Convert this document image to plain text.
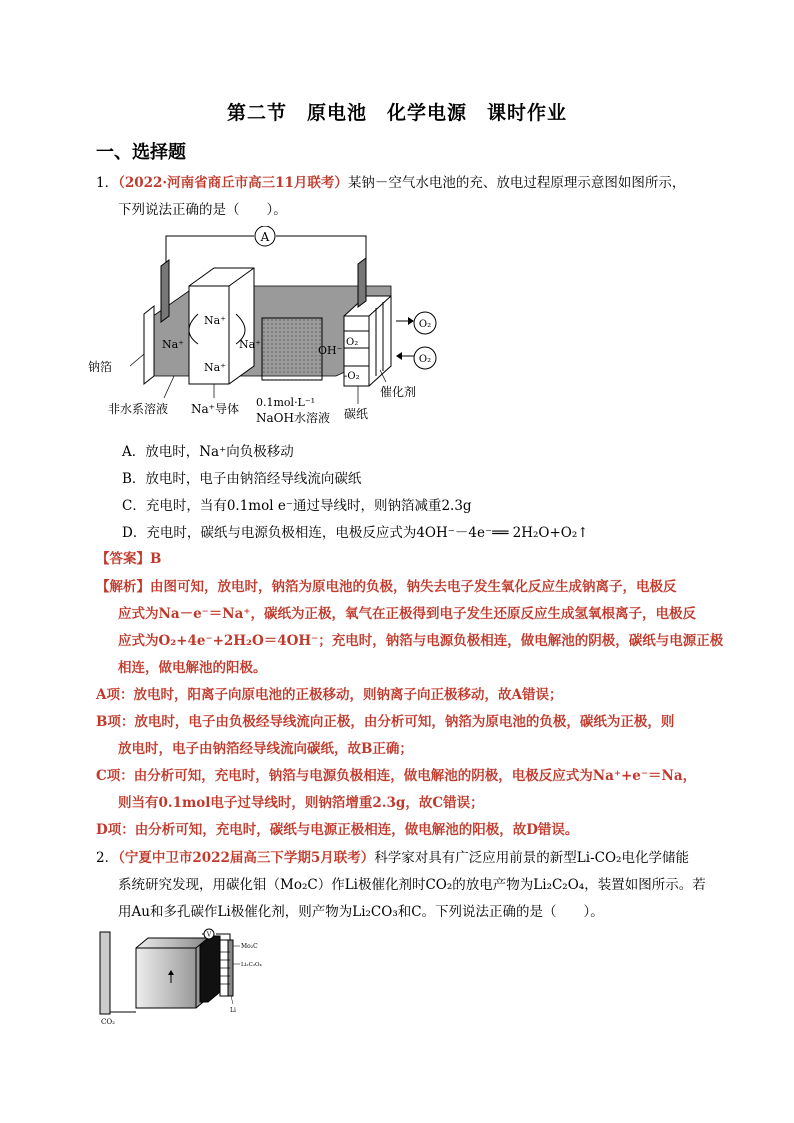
第二节　原电池　化学电源　课时作业
一、选择题
1．（2022·河南省商丘市高三11月联考）某钠－空气水电池的充、放电过程原理示意图如图所示，
下列说法正确的是（　　）。
A
Na⁺
Na⁺	Na⁺
Na⁺
OH⁻
O₂
-O₂
O₂
O₂
钠箔
非水系溶液 Na⁺导体 0.1mol·L⁻¹
NaOH水溶液 碳纸
催化剂
A．放电时，Na⁺向负极移动
B．放电时，电子由钠箔经导线流向碳纸
C．充电时，当有0.1mol e⁻通过导线时，则钠箔减重2.3g
D．充电时，碳纸与电源负极相连，电极反应式为4OH⁻－4e⁻══ 2H₂O+O₂↑
【答案】B
【解析】由图可知，放电时，钠箔为原电池的负极，钠失去电子发生氧化反应生成钠离子，电极反
应式为Na－e⁻＝Na⁺，碳纸为正极，氧气在正极得到电子发生还原反应生成氢氧根离子，电极反
应式为O₂+4e⁻+2H₂O＝4OH⁻；充电时，钠箔与电源负极相连，做电解池的阴极，碳纸与电源正极
相连，做电解池的阳极。
A项：放电时，阳离子向原电池的正极移动，则钠离子向正极移动，故A错误；
B项：放电时，电子由负极经导线流向正极，由分析可知，钠箔为原电池的负极，碳纸为正极，则
放电时，电子由钠箔经导线流向碳纸，故B正确；
C项：由分析可知，充电时，钠箔与电源负极相连，做电解池的阴极，电极反应式为Na⁺+e⁻＝Na，
则当有0.1mol电子过导线时，则钠箔增重2.3g，故C错误；
D项：由分析可知，充电时，碳纸与电源正极相连，做电解池的阳极，故D错误。
2．（宁夏中卫市2022届高三下学期5月联考）科学家对具有广泛应用前景的新型Li-CO₂电化学储能
系统研究发现，用碳化钼（Mo₂C）作Li极催化剂时CO₂的放电产物为Li₂C₂O₄，装置如图所示。若
用Au和多孔碳作Li极催化剂，则产物为Li₂CO₃和C。下列说法正确的是（　　）。
CO₂
V
Mo₂C
Li₂C₂O₄
Li
